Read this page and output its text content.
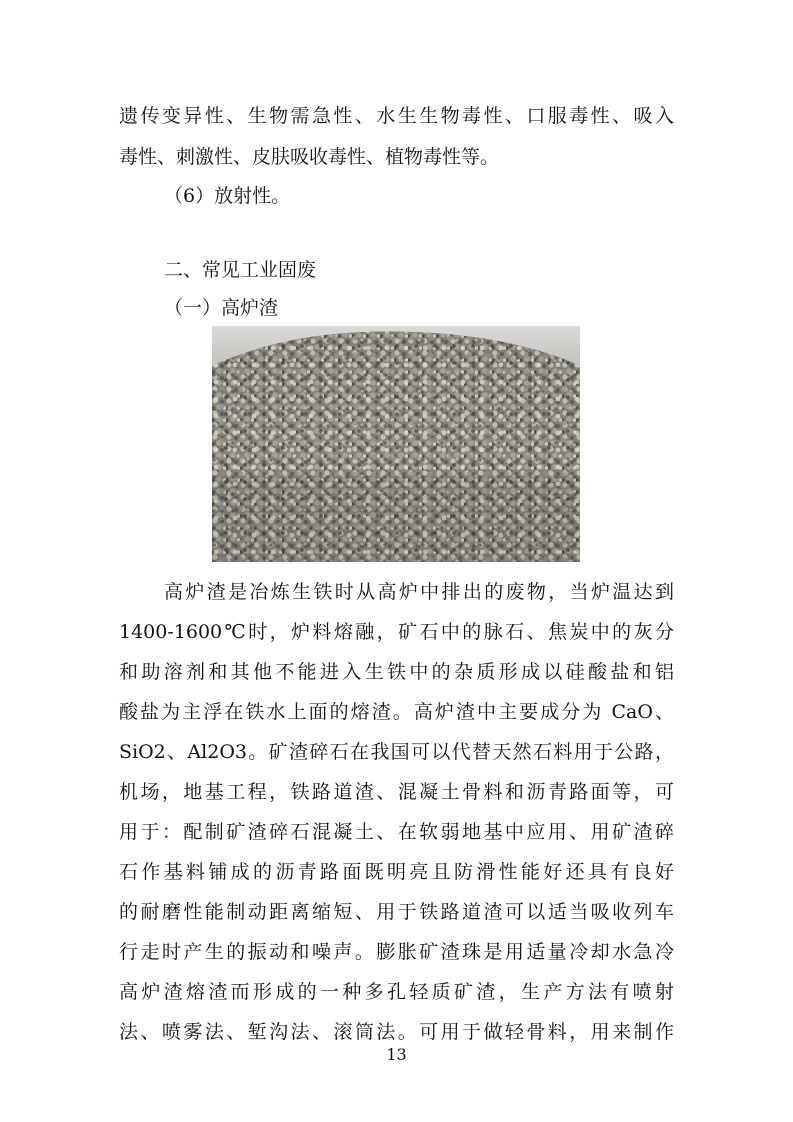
遗传变异性、生物需急性、水生生物毒性、口服毒性、吸入

毒性、刺激性、皮肤吸收毒性、植物毒性等。

（6）放射性。

二、常见工业固废

（一）高炉渣

高炉渣是冶炼生铁时从高炉中排出的废物，当炉温达到

1400-1600℃时，炉料熔融，矿石中的脉石、焦炭中的灰分

和助溶剂和其他不能进入生铁中的杂质形成以硅酸盐和铝

酸盐为主浮在铁水上面的熔渣。高炉渣中主要成分为 CaO、

SiO2、Al2O3。矿渣碎石在我国可以代替天然石料用于公路，

机场，地基工程，铁路道渣、混凝土骨料和沥青路面等，可

用于：配制矿渣碎石混凝土、在软弱地基中应用、用矿渣碎

石作基料铺成的沥青路面既明亮且防滑性能好还具有良好

的耐磨性能制动距离缩短、用于铁路道渣可以适当吸收列车

行走时产生的振动和噪声。膨胀矿渣珠是用适量冷却水急冷

高炉渣熔渣而形成的一种多孔轻质矿渣，生产方法有喷射

法、喷雾法、堑沟法、滚筒法。可用于做轻骨料，用来制作

13
